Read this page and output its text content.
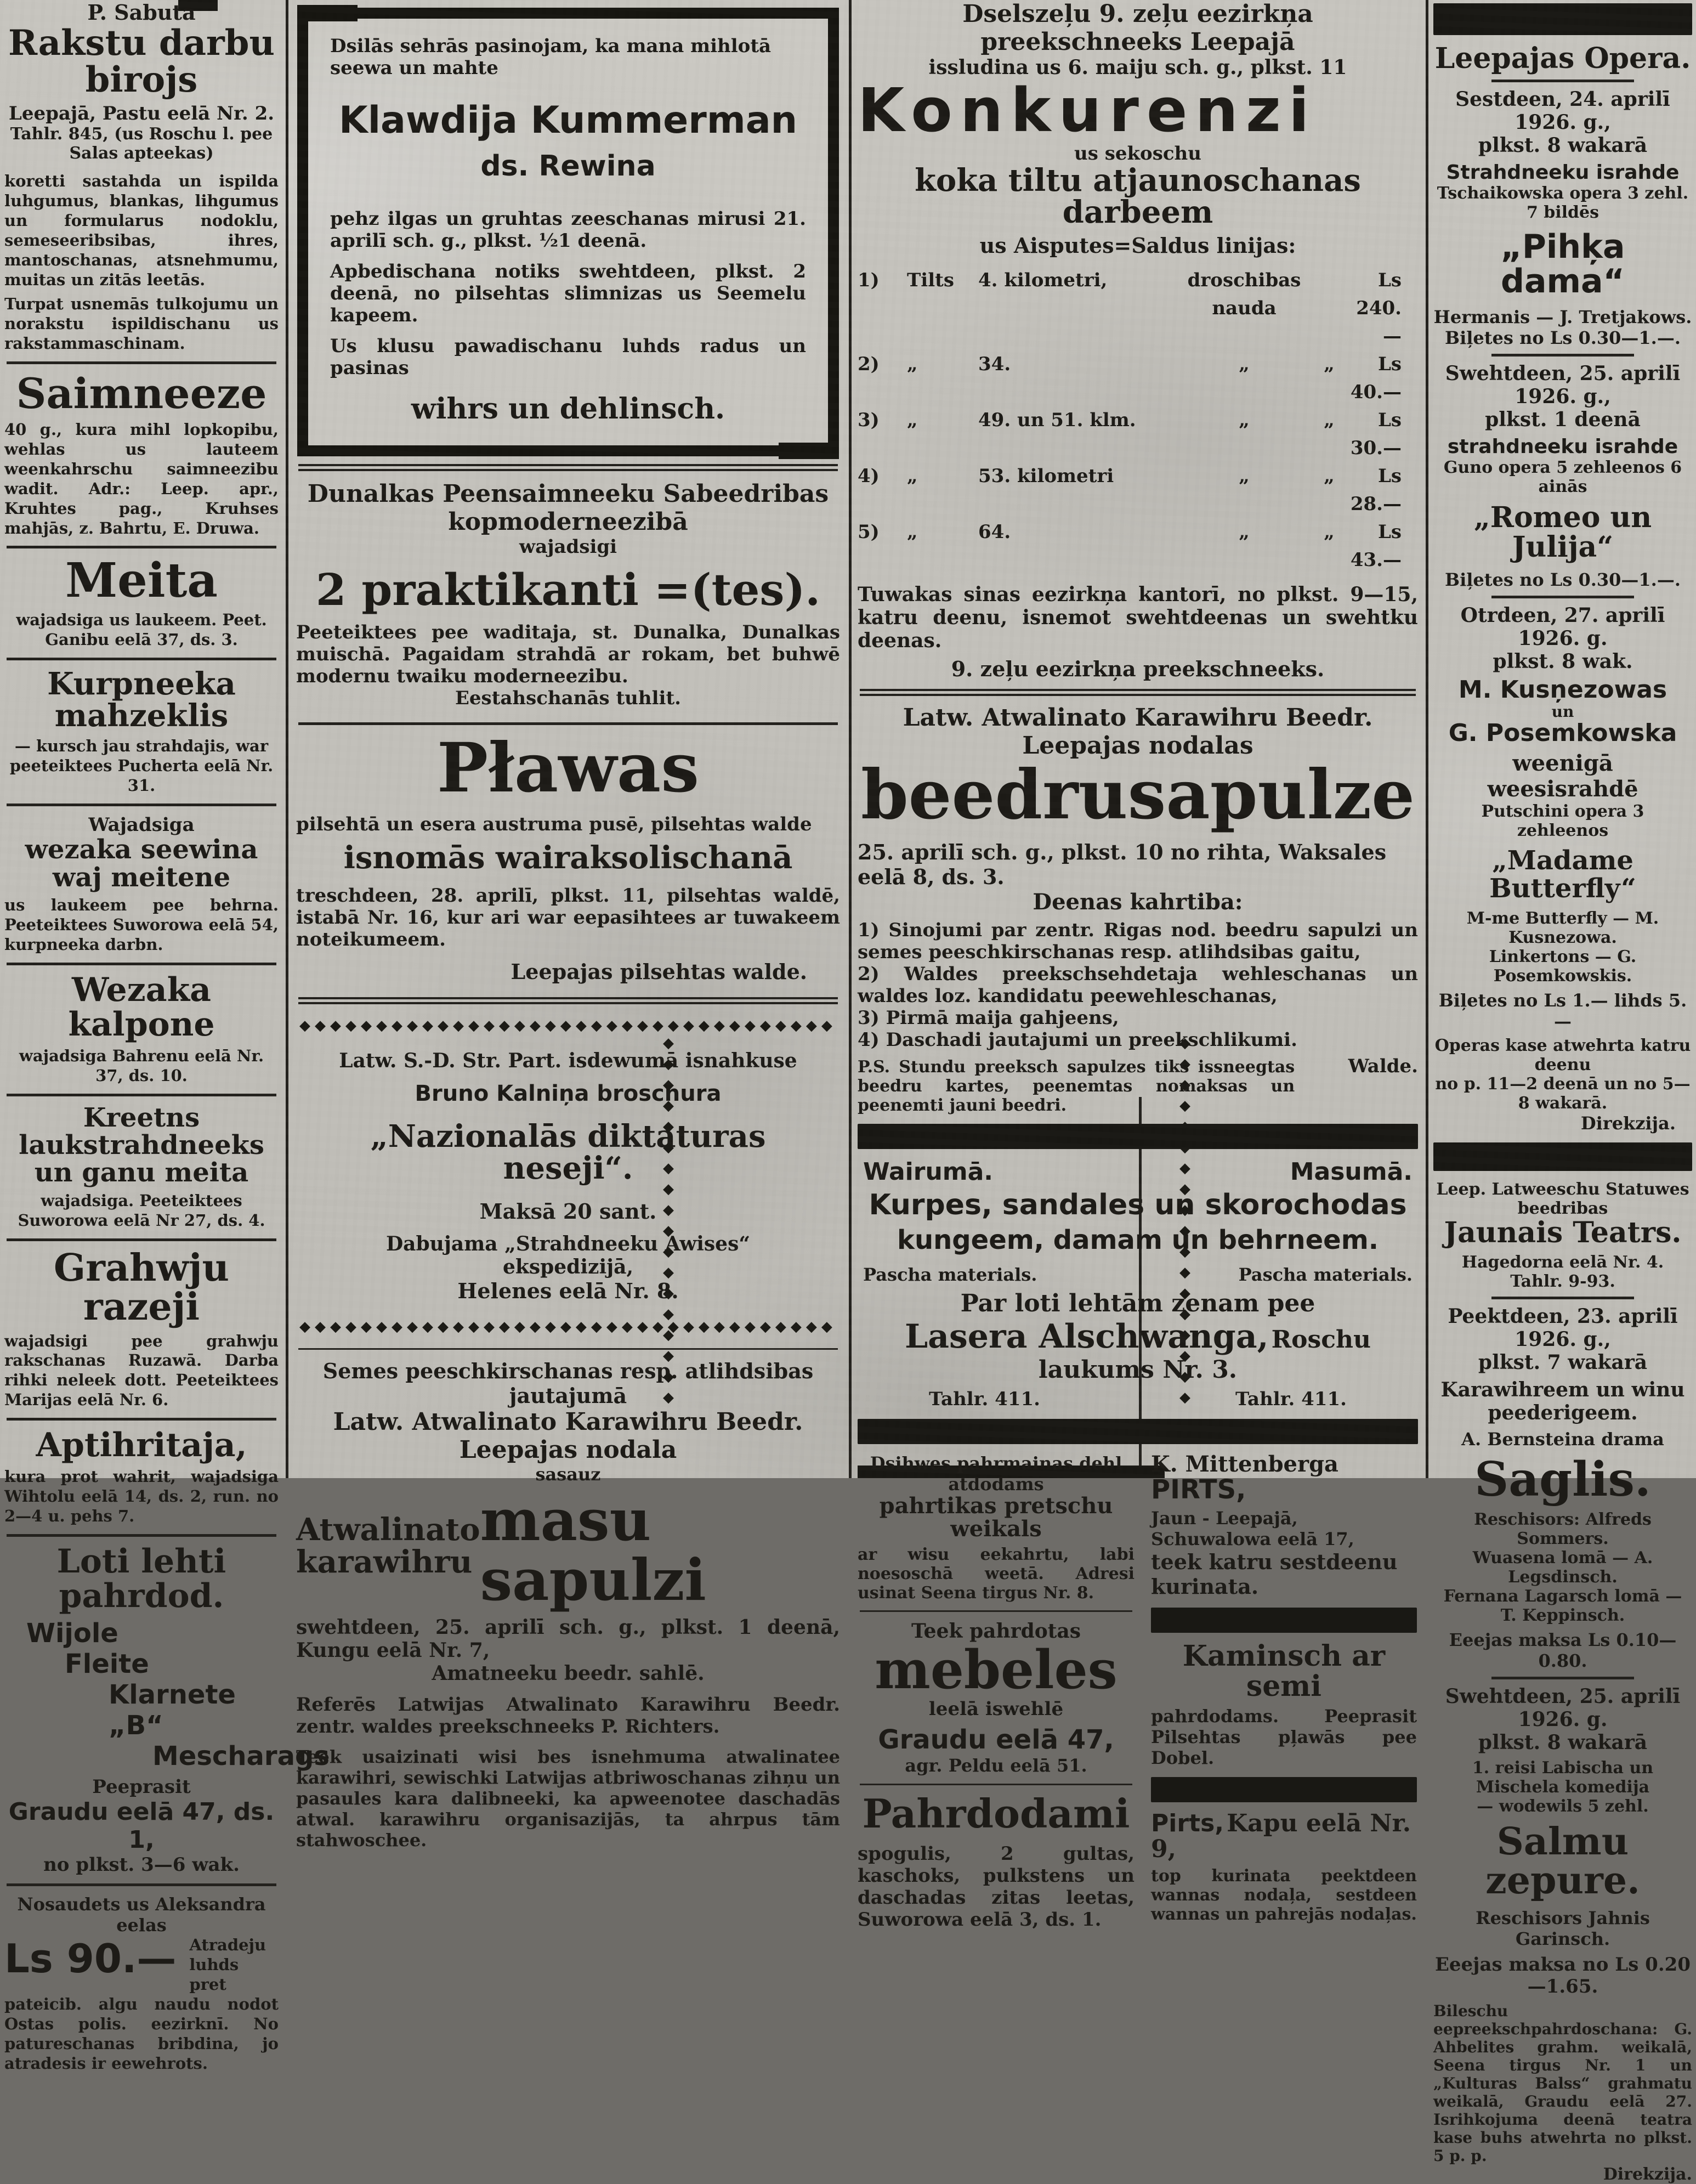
P. Sabuta
Rakstu darbu birojs
Leepajā, Pastu eelā Nr. 2.
Tahlr. 845, (us Roschu l. pee Salas apteekas)
koretti sastahda un ispilda luhgumus, blankas, lihgumus un formularus nodoklu, semeseeribsibas, ihres, mantoschanas, atsnehmumu, muitas un zitās leetās.
Turpat usnemās tulkojumu un norakstu ispildischanu us rakstammaschinam.
Saimneeze
40 g., kura mihl lopkopibu, wehlas us lauteem weenkahrschu saimneezibu wadit. Adr.: Leep. apr., Kruhtes pag., Kruhses mahjās, z. Bahrtu, E. Druwa.
Meita
wajadsiga us laukeem. Peet. Ganibu eelā 37, ds. 3.
Kurpneeka mahzeklis
— kursch jau strahdajis, war peeteiktees Pucherta eelā Nr. 31.
Wajadsiga
wezaka seewina waj meitene
us laukeem pee behrna. Peeteiktees Suworowa eelā 54, kurpneeka darbn.
Wezaka kalpone
wajadsiga Bahrenu eelā Nr. 37, ds. 10.
Kreetns laukstrahdneeks un ganu meita
wajadsiga. Peeteiktees Suworowa eelā Nr 27, ds. 4.
Grahwju razeji
wajadsigi pee grahwju rakschanas Ruzawā. Darba rihki neleek dott. Peeteiktees Marijas eelā Nr. 6.
Aptihritaja,
kura prot wahrit, wajadsiga Wihtolu eelā 14, ds. 2, run. no 2—4 u. pehs 7.
Loti lehti pahrdod.
Wijole
Fleite
Klarnete „B“
Mescharags
Peeprasit
Graudu eelā 47, ds. 1,
no plkst. 3—6 wak.
Nosaudets us Aleksandra eelas
Ls 90.— Atradeju luhds pret pateicib. algu naudu nodot Ostas polis. eezirknī. No patureschanas bribdina, jo atradesis ir eewehrots.
Dsilās sehrās pasinojam, ka mana mihlotā seewa un mahte
Klawdija Kummerman
ds. Rewina
pehz ilgas un gruhtas zeeschanas mirusi 21. aprilī sch. g., plkst. ½1 deenā.
Apbedischana notiks swehtdeen, plkst. 2 deenā, no pilsehtas slimnizas us Seemelu kapeem.
Us klusu pawadischanu luhds radus un pasinas
wihrs un dehlinsch.
Dunalkas Peensaimneeku Sabeedribas kopmoderneezibā
wajadsigi
2 praktikanti =(tes).
Peeteiktees pee waditaja, st. Dunalka, Dunalkas muischā. Pagaidam strahdā ar rokam, bet buhwē modernu twaiku moderneezibu.
Eestahschanās tuhlit.
Pławas
pilsehtā un esera austruma pusē, pilsehtas walde
isnomās wairaksolischanā
treschdeen, 28. aprilī, plkst. 11, pilsehtas waldē, istabā Nr. 16, kur ari war eepasihtees ar tuwakeem noteikumeem.
Leepajas pilsehtas walde.
◆◆◆◆◆◆◆◆◆◆◆◆◆◆◆◆◆◆
◆◆◆◆◆◆◆◆◆◆◆◆◆◆◆◆◆◆
◆◆◆◆◆◆◆◆◆◆◆◆◆◆◆◆◆◆◆◆◆◆◆◆◆◆◆◆◆◆◆◆◆◆◆◆◆◆◆◆◆◆◆◆ Latw. S.-D. Str. Part. isdewumā isnahkuse
Bruno Kalniņa broschura
„Nazionalās diktaturas neseji“.
Maksā 20 sant.
Dabujama „Strahdneeku Awises“ ekspedizijā,
Helenes eelā Nr. 8.
◆◆◆◆◆◆◆◆◆◆◆◆◆◆◆◆◆◆◆◆◆◆◆◆◆◆◆◆◆◆◆◆◆◆◆◆◆◆◆◆◆◆◆◆
Semes peeschkirschanas resp. atlihdsibas jautajumā
Latw. Atwalinato Karawihru Beedr. Leepajas nodala
sasauz
Atwalinato
karawihru
masu sapulzi
swehtdeen, 25. aprilī sch. g., plkst. 1 deenā, Kungu eelā Nr. 7,
Amatneeku beedr. sahlē.
Referēs Latwijas Atwalinato Karawihru Beedr. zentr. waldes preekschneeks P. Richters.
Teek usaizinati wisi bes isnehmuma atwalinatee karawihri, sewischki Latwijas atbriwoschanas zihņu un pasaules kara dalibneeki, ka apweenotee daschadās atwal. karawihru organisazijās, ta ahrpus tām stahwoschee.
Dselszeļu 9. zeļu eezirkņa preekschneeks Leepajā
issludina us 6. maiju sch. g., plkst. 11
Konkurenzi
us sekoschu
koka tiltu atjaunoschanas darbeem
us Aisputes=Saldus linijas:
1)	Tilts	4. kilometri,	droschibas nauda
Ls 240.—
2)	„	34.	„	„	Ls 40.—
3)	„	49. un 51. klm.	„	„	Ls 30.—
4)	„	53. kilometri	„	„	Ls 28.—
5)	„	64.	„	„	Ls 43.—
Tuwakas sinas eezirkņa kantorī, no plkst. 9—15, katru deenu, isnemot swehtdeenas un swehtku deenas.
9. zeļu eezirkņa preekschneeks.
Latw. Atwalinato Karawihru Beedr. Leepajas nodalas
beedrusapulze
25. aprilī sch. g., plkst. 10 no rihta, Waksales eelā 8, ds. 3.
Deenas kahrtiba:
1) Sinojumi par zentr. Rigas nod. beedru sapulzi un semes peeschkirschanas resp. atlihdsibas gaitu,
2) Waldes preekschsehdetaja wehleschanas un waldes loz. kandidatu peewehleschanas,
3) Pirmā maija gahjeens,
4) Daschadi jautajumi un preekschlikumi.
P.S. Stundu preeksch sapulzes tiks issneegtas beedru kartes, peenemtas nomaksas un peenemti jauni beedri.
Walde.
Wairumā.	Masumā.
Kurpes, sandales un skorochodas
kungeem, damam un behrneem.
Pascha materials.	Pascha materials.
Par loti lehtām zenam pee
Lasera Alschwanga, Roschu laukums Nr. 3.
Tahlr. 411.	Tahlr. 411.
Dsihwes pahrmainas dehl atdodams
pahrtikas pretschu weikals
ar wisu eekahrtu, labi noesoschā weetā. Adresi usinat Seena tirgus Nr. 8.
Teek pahrdotas
mebeles
leelā iswehlē
Graudu eelā 47,
agr. Peldu eelā 51.
Pahrdodami
spogulis, 2 gultas, kaschoks, pulkstens un daschadas zitas leetas, Suworowa eelā 3, ds. 1.
K. Mittenberga PIRTS,
Jaun - Leepajā, Schuwalowa eelā 17,
teek katru sestdeenu kurinata.
Kaminsch ar semi
pahrdodams. Peeprasit Pilsehtas pļawās pee Dobel.
Pirts, Kapu eelā Nr. 9,
top kurinata peektdeen wannas nodaļa, sestdeen wannas un pahrejās nodaļas.
Leepajas Opera.
Sestdeen, 24. aprilī 1926. g.,
plkst. 8 wakarā
Strahdneeku israhde
Tschaikowska opera 3 zehl. 7 bildēs
„Pihķa dama“
Hermanis — J. Tretjakows.
Biļetes no Ls 0.30—1.—.
Swehtdeen, 25. aprilī 1926. g.,
plkst. 1 deenā
strahdneeku israhde
Guno opera 5 zehleenos 6 ainās
„Romeo un Julija“
Biļetes no Ls 0.30—1.—.
Otrdeen, 27. aprilī 1926. g.
plkst. 8 wak.
M. Kusņezowas
un
G. Posemkowska
weenigā weesisrahdē
Putschini opera 3 zehleenos
„Madame Butterfly“
M-me Butterfly — M. Kusnezowa.
Linkertons — G. Posemkowskis.
Biļetes no Ls 1.— lihds 5.—
Operas kase atwehrta katru deenu
no p. 11—2 deenā un no 5—8 wakarā.
Direkzija.
Leep. Latweeschu Statuwes beedribas
Jaunais Teatrs.
Hagedorna eelā Nr. 4. Tahlr. 9-93.
Peektdeen, 23. aprilī 1926. g.,
plkst. 7 wakarā
Karawihreem un winu
peederigeem.
A. Bernsteina drama
Saglis.
Reschisors: Alfreds Sommers.
Wuasena lomā — A. Legsdinsch.
Fernana Lagarsch lomā — T. Keppinsch.
Eeejas maksa Ls 0.10—0.80.
Swehtdeen, 25. aprilī 1926. g.
plkst. 8 wakarā
1. reisi Labischa un Mischela komedija
— wodewils 5 zehl.
Salmu zepure.
Reschisors Jahnis Garinsch.
Eeejas maksa no Ls 0.20—1.65.
Bileschu eepreekschpahrdoschana: G. Ahbelites grahm. weikalā, Seena tirgus Nr. 1 un „Kulturas Balss“ grahmatu weikalā, Graudu eelā 27. Isrihkojuma deenā teatra kase buhs atwehrta no plkst. 5 p. p.
Direkzija.
